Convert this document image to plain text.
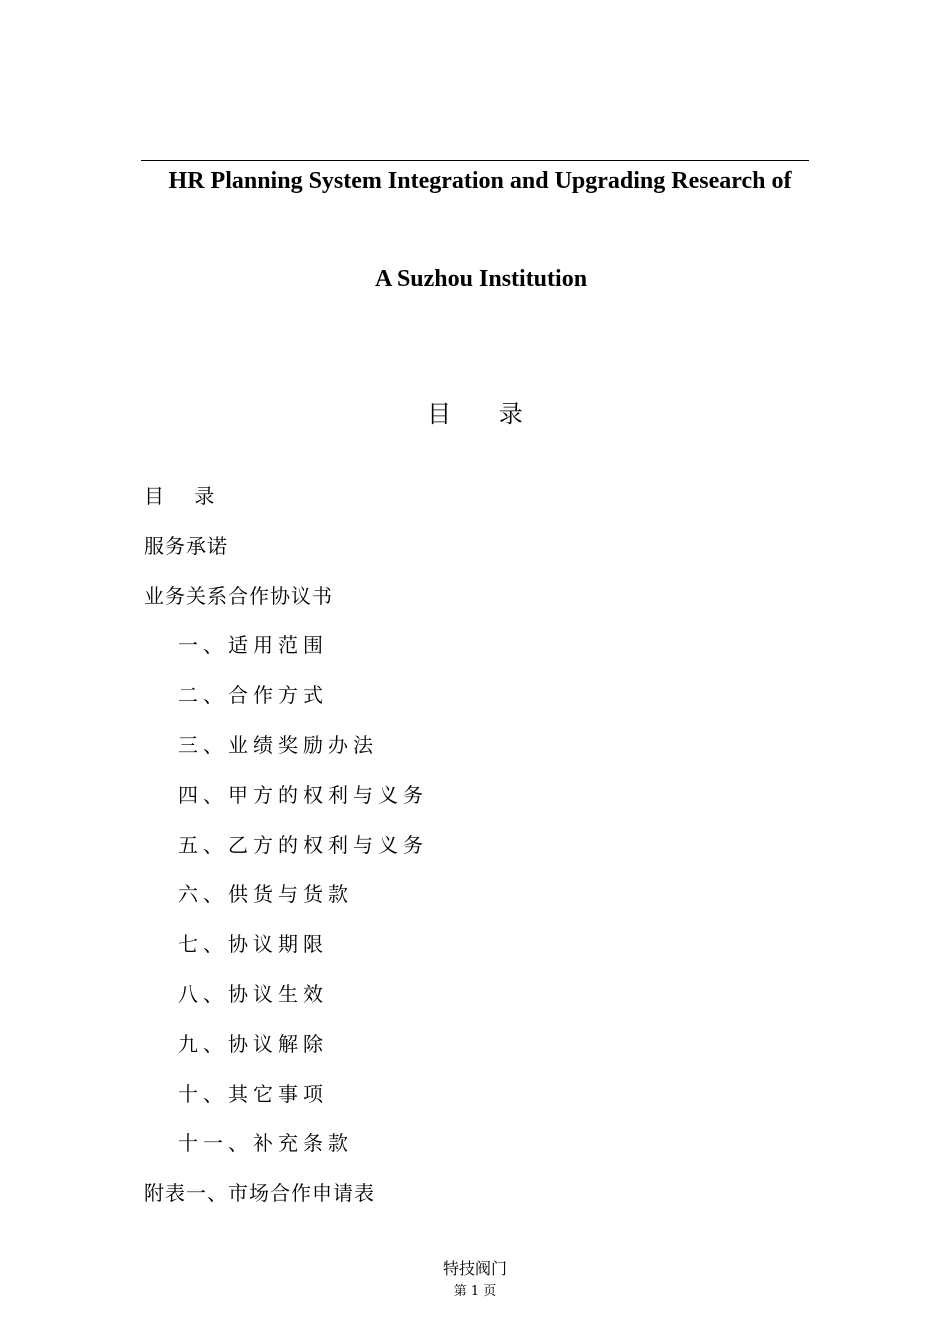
HR Planning System Integration and Upgrading Research of
A Suzhou Institution
目 录
目 录
服务承诺
业务关系合作协议书
一、适用范围
二、合作方式
三、业绩奖励办法
四、甲方的权利与义务
五、乙方的权利与义务
六、供货与货款
七、协议期限
八、协议生效
九、协议解除
十、其它事项
十一、补充条款
附表一、市场合作申请表
特技阀门
第 1 页
